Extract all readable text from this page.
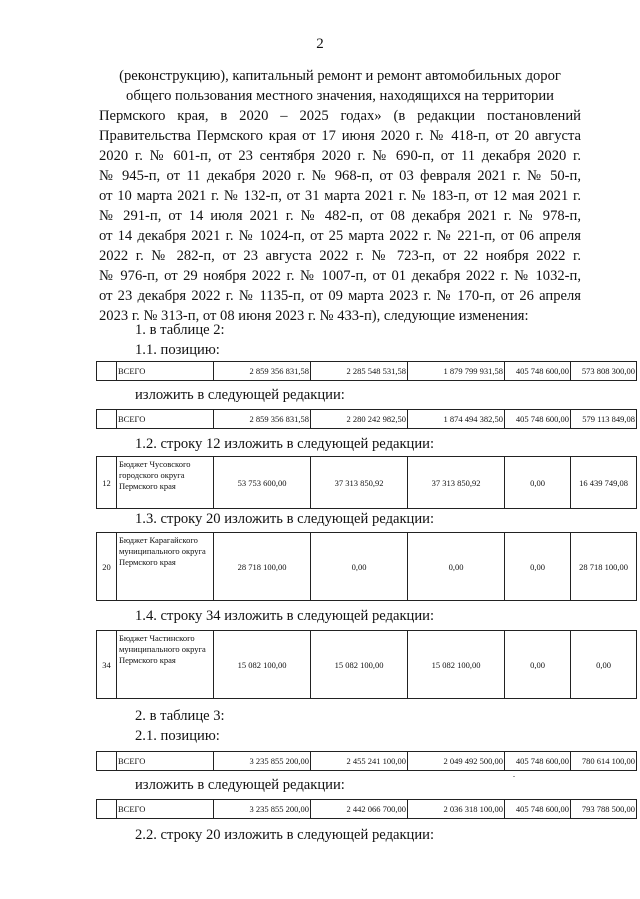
2

(реконструкцию), капитальный ремонт и ремонт автомобильных дорог
общего пользования местного значения, находящихся на территории
Пермского края, в 2020 – 2025 годах» (в редакции постановлений
Правительства Пермского края от 17 июня 2020 г. № 418-п, от 20 августа
2020 г. № 601-п, от 23 сентября 2020 г. № 690-п, от 11 декабря 2020 г.
№ 945-п, от 11 декабря 2020 г. № 968-п, от 03 февраля 2021 г. № 50-п,
от 10 марта 2021 г. № 132-п, от 31 марта 2021 г. № 183-п, от 12 мая 2021 г.
№ 291-п, от 14 июля 2021 г. № 482-п, от 08 декабря 2021 г. № 978-п,
от 14 декабря 2021 г. № 1024-п, от 25 марта 2022 г. № 221-п, от 06 апреля
2022 г. № 282-п, от 23 августа 2022 г. № 723-п, от 22 ноября 2022 г.
№ 976-п, от 29 ноября 2022 г. № 1007-п, от 01 декабря 2022 г. № 1032-п,
от 23 декабря 2022 г. № 1135-п, от 09 марта 2023 г. № 170-п, от 26 апреля
2023 г. № 313-п, от 08 июня 2023 г. № 433-п), следующие изменения:

1. в таблице 2:

1.1. позицию:

	ВСЕГО	2 859 356 831,58	2 285 548 531,58	1 879 799 931,58	405 748 600,00	573 808 300,00

изложить в следующей редакции:

	ВСЕГО	2 859 356 831,58	2 280 242 982,50	1 874 494 382,50	405 748 600,00	579 113 849,08

1.2. строку 12 изложить в следующей редакции:

12	Бюджет Чусовского городского округа Пермского края	53 753 600,00	37 313 850,92	37 313 850,92	0,00	16 439 749,08

1.3. строку 20 изложить в следующей редакции:

20	Бюджет Карагайского муниципального округа Пермского края	28 718 100,00	0,00	0,00	0,00	28 718 100,00

1.4. строку 34 изложить в следующей редакции:

34	Бюджет Частинского муниципального округа Пермского края	15 082 100,00	15 082 100,00	15 082 100,00	0,00	0,00

2. в таблице 3:

2.1. позицию:

	ВСЕГО	3 235 855 200,00	2 455 241 100,00	2 049 492 500,00	405 748 600,00	780 614 100,00

изложить в следующей редакции:

	ВСЕГО	3 235 855 200,00	2 442 066 700,00	2 036 318 100,00	405 748 600,00	793 788 500,00

2.2. строку 20 изложить в следующей редакции:
